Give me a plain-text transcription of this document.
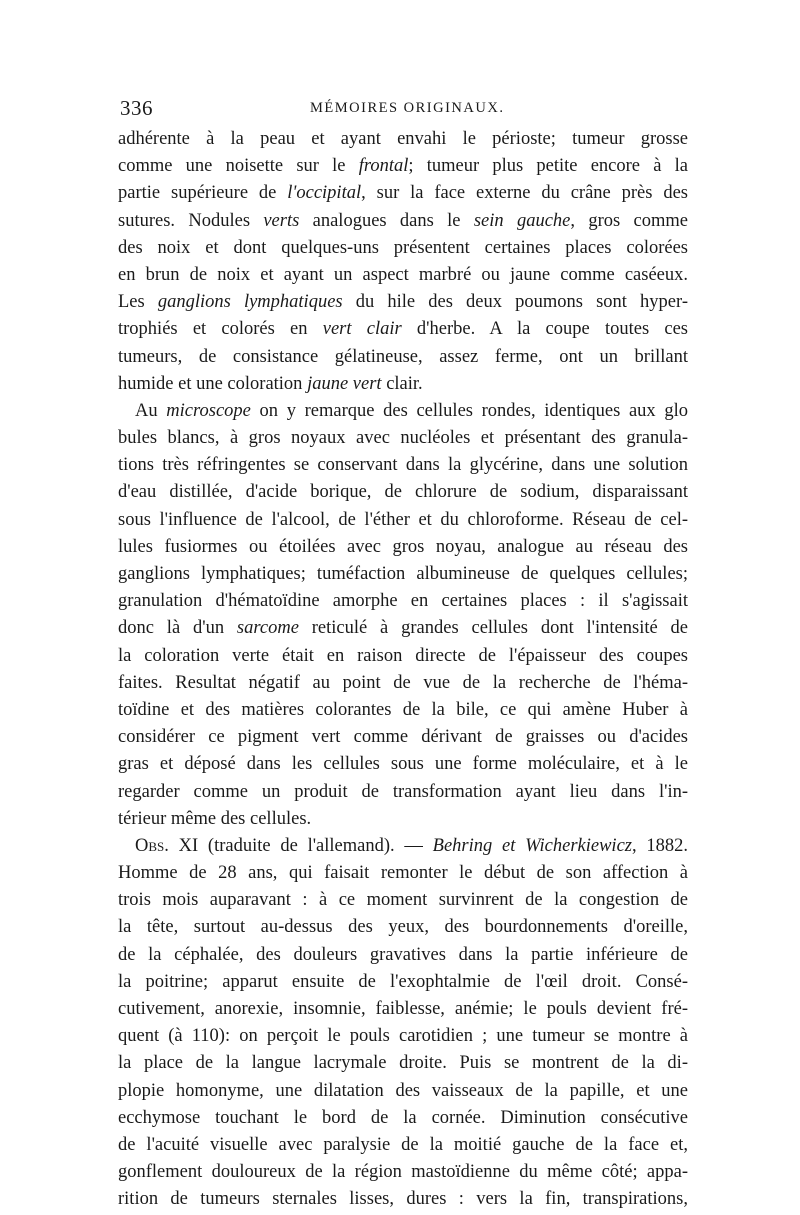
336	MÉMOIRES ORIGINAUX.
adhérente à la peau et ayant envahi le périoste; tumeur grosse
comme une noisette sur le frontal; tumeur plus petite encore à la
partie supérieure de l'occipital, sur la face externe du crâne près des
sutures. Nodules verts analogues dans le sein gauche, gros comme
des noix et dont quelques-uns présentent certaines places colorées
en brun de noix et ayant un aspect marbré ou jaune comme caséeux.
Les ganglions lymphatiques du hile des deux poumons sont hyper-
trophiés et colorés en vert clair d'herbe. A la coupe toutes ces
tumeurs, de consistance gélatineuse, assez ferme, ont un brillant
humide et une coloration jaune vert clair.
Au microscope on y remarque des cellules rondes, identiques aux glo
bules blancs, à gros noyaux avec nucléoles et présentant des granula-
tions très réfringentes se conservant dans la glycérine, dans une solution
d'eau distillée, d'acide borique, de chlorure de sodium, disparaissant
sous l'influence de l'alcool, de l'éther et du chloroforme. Réseau de cel-
lules fusiormes ou étoilées avec gros noyau, analogue au réseau des
ganglions lymphatiques; tuméfaction albumineuse de quelques cellules;
granulation d'hématoïdine amorphe en certaines places : il s'agissait
donc là d'un sarcome reticulé à grandes cellules dont l'intensité de
la coloration verte était en raison directe de l'épaisseur des coupes
faites. Resultat négatif au point de vue de la recherche de l'héma-
toïdine et des matières colorantes de la bile, ce qui amène Huber à
considérer ce pigment vert comme dérivant de graisses ou d'acides
gras et déposé dans les cellules sous une forme moléculaire, et à le
regarder comme un produit de transformation ayant lieu dans l'in-
térieur même des cellules.
Obs. XI (traduite de l'allemand). — Behring et Wicherkiewicz, 1882.
Homme de 28 ans, qui faisait remonter le début de son affection à
trois mois auparavant : à ce moment survinrent de la congestion de
la tête, surtout au-dessus des yeux, des bourdonnements d'oreille,
de la céphalée, des douleurs gravatives dans la partie inférieure de
la poitrine; apparut ensuite de l'exophtalmie de l'œil droit. Consé-
cutivement, anorexie, insomnie, faiblesse, anémie; le pouls devient fré-
quent (à 110): on perçoit le pouls carotidien ; une tumeur se montre à
la place de la langue lacrymale droite. Puis se montrent de la di-
plopie homonyme, une dilatation des vaisseaux de la papille, et une
ecchymose touchant le bord de la cornée. Diminution consécutive
de l'acuité visuelle avec paralysie de la moitié gauche de la face et,
gonflement douloureux de la région mastoïdienne du même côté; appa-
rition de tumeurs sternales lisses, dures : vers la fin, transpirations,
